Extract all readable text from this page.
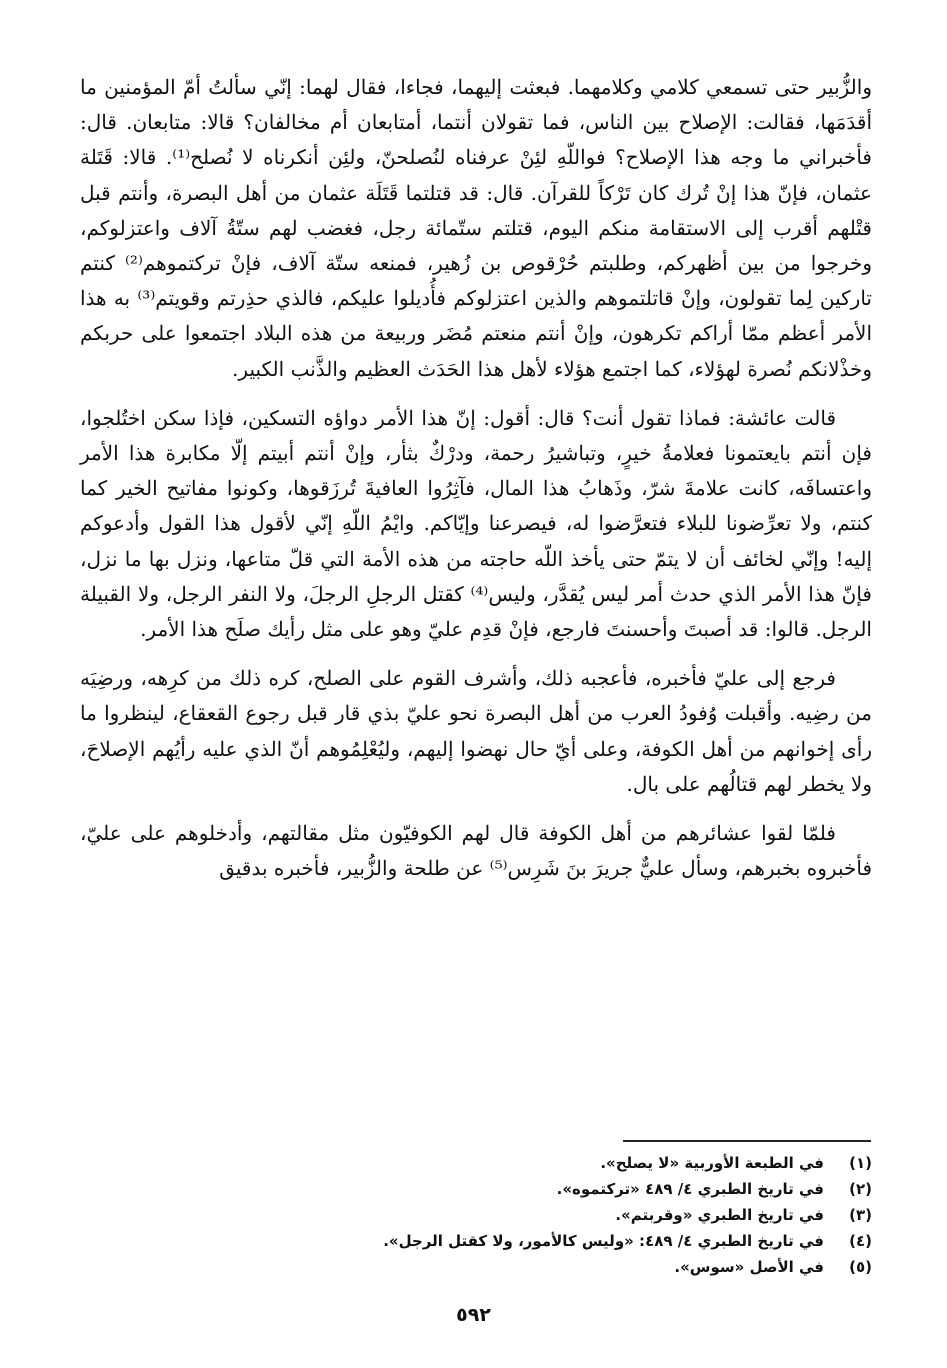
والزُّبير حتى تسمعي كلامي وكلامهما. فبعثت إليهما، فجاءا، فقال لهما: إنّي سألتُ أمّ المؤمنين ما أقدَمَها، فقالت: الإصلاح بين الناس، فما تقولان أنتما، أمتابعان أم مخالفان؟ قالا: متابعان. قال: فأخبراني ما وجه هذا الإصلاح؟ فواللّهِ لئِنْ عرفناه لنُصلحنّ، ولئِن أنكرناه لا نُصلح⁽¹⁾. قالا: قَتَلة عثمان، فإنّ هذا إنْ تُرك كان تَرْكاً للقرآن. قال: قد قتلتما قَتَلَة عثمان من أهل البصرة، وأنتم قبل قتْلهم أقرب إلى الاستقامة منكم اليوم، قتلتم ستّمائة رجل، فغضب لهم ستّةُ آلاف واعتزلوكم، وخرجوا من بين أظهركم، وطلبتم حُرْقوص بن زُهير، فمنعه ستّة آلاف، فإنْ تركتموهم⁽²⁾ كنتم تاركين لِما تقولون، وإنْ قاتلتموهم والذين اعتزلوكم فأُديلوا عليكم، فالذي حذِرتم وقويتم⁽³⁾ به هذا الأمر أعظم ممّا أراكم تكرهون، وإنْ أنتم منعتم مُضَر وربيعة من هذه البلاد اجتمعوا على حربكم وخذْلانكم نُصرة لهؤلاء، كما اجتمع هؤلاء لأهل هذا الحَدَث العظيم والذَّنب الكبير.

قالت عائشة: فماذا تقول أنت؟ قال: أقول: إنّ هذا الأمر دواؤه التسكين، فإذا سكن اختُلجوا، فإن أنتم بايعتمونا فعلامةُ خيرٍ، وتباشيرُ رحمة، ودرْكٌ بثأر، وإنْ أنتم أبيتم إلّا مكابرة هذا الأمر واعتسافَه، كانت علامةَ شرّ، وذَهابُ هذا المال، فآثِرُوا العافيةَ تُرزَقوها، وكونوا مفاتيح الخير كما كنتم، ولا تعرِّضونا للبلاء فتعرَّضوا له، فيصرعنا وإيّاكم. وايْمُ اللّهِ إنّي لأقول هذا القول وأدعوكم إليه! وإنّي لخائف أن لا يتمّ حتى يأخذ اللّه حاجته من هذه الأمة التي قلّ متاعها، ونزل بها ما نزل، فإنّ هذا الأمر الذي حدث أمر ليس يُقدَّر، وليس⁽⁴⁾ كقتل الرجلِ الرجلَ، ولا النفر الرجل، ولا القبيلة الرجل. قالوا: قد أصبتَ وأحسنتَ فارجع، فإنْ قدِم عليّ وهو على مثل رأيك صلَح هذا الأمر.

فرجع إلى عليّ فأخبره، فأعجبه ذلك، وأشرف القوم على الصلح، كره ذلك من كرِهه، ورضِيَه من رضِيه. وأقبلت وُفودُ العرب من أهل البصرة نحو عليّ بذي قار قبل رجوع القعقاع، لينظروا ما رأى إخوانهم من أهل الكوفة، وعلى أيّ حال نهضوا إليهم، وليُعْلِمُوهم أنّ الذي عليه رأيُهم الإصلاحَ، ولا يخطر لهم قتالُهم على بال.

فلمّا لقوا عشائرهم من أهل الكوفة قال لهم الكوفيّون مثل مقالتهم، وأدخلوهم على عليّ، فأخبروه بخبرهم، وسأل عليٌّ جريرَ بنَ شَرِس⁽⁵⁾ عن طلحة والزُّبير، فأخبره بدقيق

(١)
في الطبعة الأوربية «لا يصلح».
(٢)
في تاريخ الطبري ٤/ ٤٨٩ «تركتموه».
(٣)
في تاريخ الطبري «وقربتم».
(٤)
في تاريخ الطبري ٤/ ٤٨٩: «وليس كالأمور، ولا كقتل الرجل».
(٥)
في الأصل «سوس».
٥٩٢
